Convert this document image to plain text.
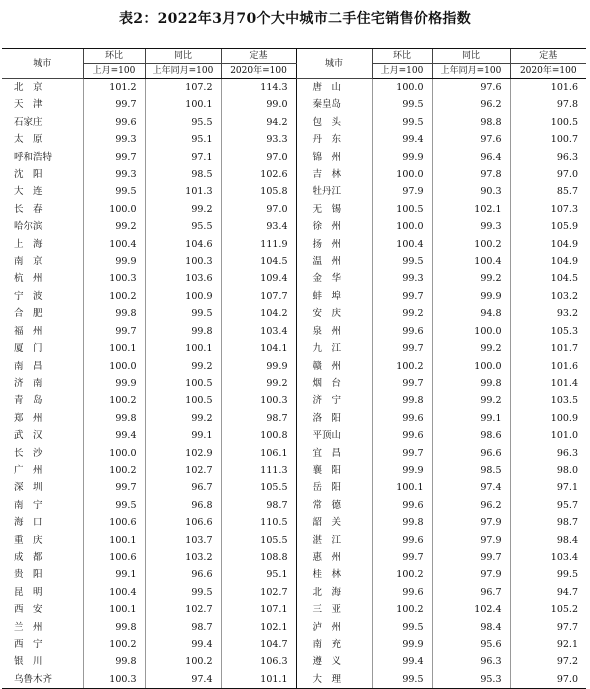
表2：2022年3月70个大中城市二手住宅销售价格指数
城市	环比	同比	定基	城市	环比	同比	定基
	上月=100	上年同月=100	2020年=100		上月=100	上年同月=100	2020年=100
北　京	101.2	107.2	114.3	唐　山	100.0	97.6	101.6
天　津	99.7	100.1	99.0	秦皇岛	99.5	96.2	97.8
石家庄	99.6	95.5	94.2	包　头	99.5	98.8	100.5
太　原	99.3	95.1	93.3	丹　东	99.4	97.6	100.7
呼和浩特	99.7	97.1	97.0	锦　州	99.9	96.4	96.3
沈　阳	99.3	98.5	102.6	吉　林	100.0	97.8	97.0
大　连	99.5	101.3	105.8	牡丹江	97.9	90.3	85.7
长　春	100.0	99.2	97.0	无　锡	100.5	102.1	107.3
哈尔滨	99.2	95.5	93.4	徐　州	100.0	99.3	105.9
上　海	100.4	104.6	111.9	扬　州	100.4	100.2	104.9
南　京	99.9	100.3	104.5	温　州	99.5	100.4	104.9
杭　州	100.3	103.6	109.4	金　华	99.3	99.2	104.5
宁　波	100.2	100.9	107.7	蚌　埠	99.7	99.9	103.2
合　肥	99.8	99.5	104.2	安　庆	99.2	94.8	93.2
福　州	99.7	99.8	103.4	泉　州	99.6	100.0	105.3
厦　门	100.1	100.1	104.1	九　江	99.7	99.2	101.7
南　昌	100.0	99.2	99.9	赣　州	100.2	100.0	101.6
济　南	99.9	100.5	99.2	烟　台	99.7	99.8	101.4
青　岛	100.2	100.5	100.3	济　宁	99.8	99.2	103.5
郑　州	99.8	99.2	98.7	洛　阳	99.6	99.1	100.9
武　汉	99.4	99.1	100.8	平顶山	99.6	98.6	101.0
长　沙	100.0	102.9	106.1	宜　昌	99.7	96.6	96.3
广　州	100.2	102.7	111.3	襄　阳	99.9	98.5	98.0
深　圳	99.7	96.7	105.5	岳　阳	100.1	97.4	97.1
南　宁	99.5	96.8	98.7	常　德	99.6	96.2	95.7
海　口	100.6	106.6	110.5	韶　关	99.8	97.9	98.7
重　庆	100.1	103.7	105.5	湛　江	99.6	97.9	98.4
成　都	100.6	103.2	108.8	惠　州	99.7	99.7	103.4
贵　阳	99.1	96.6	95.1	桂　林	100.2	97.9	99.5
昆　明	100.4	99.5	102.7	北　海	99.6	96.7	94.7
西　安	100.1	102.7	107.1	三　亚	100.2	102.4	105.2
兰　州	99.8	98.7	102.1	泸　州	99.5	98.4	97.7
西　宁	100.2	99.4	104.7	南　充	99.9	95.6	92.1
银　川	99.8	100.2	106.3	遵　义	99.4	96.3	97.2
乌鲁木齐	100.3	97.4	101.1	大　理	99.5	95.3	97.0
